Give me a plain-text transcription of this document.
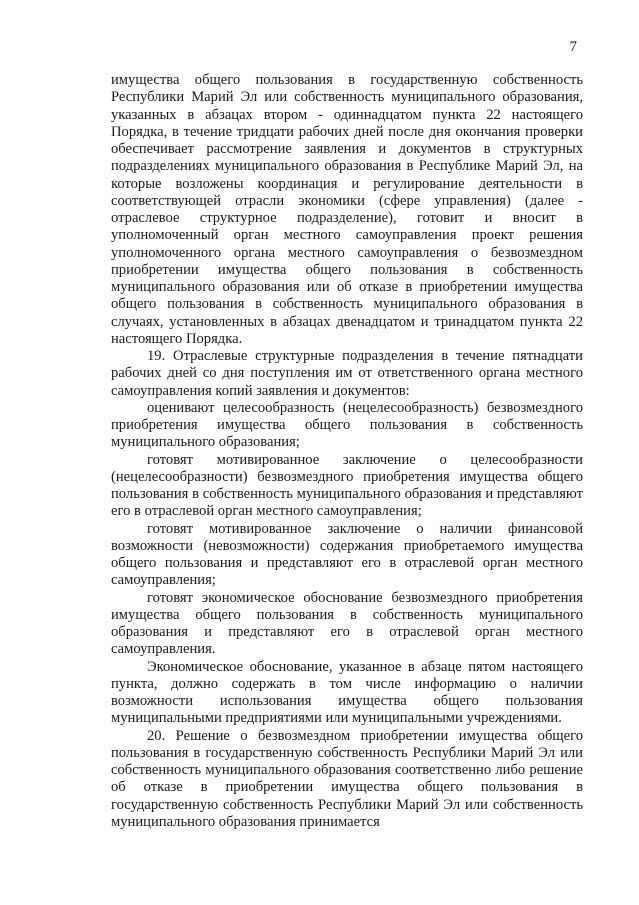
7

имущества общего пользования в государственную собственность Республики Марий Эл или собственность муниципального образования, указанных в абзацах втором - одиннадцатом пункта 22 настоящего Порядка, в течение тридцати рабочих дней после дня окончания проверки обеспечивает рассмотрение заявления и документов в структурных подразделениях муниципального образования в Республике Марий Эл, на которые возложены координация и регулирование деятельности в соответствующей отрасли экономики (сфере управления) (далее - отраслевое структурное подразделение), готовит и вносит в уполномоченный орган местного самоуправления проект решения уполномоченного органа местного самоуправления о безвозмездном приобретении имущества общего пользования в собственность муниципального образования или об отказе в приобретении имущества общего пользования в собственность муниципального образования в случаях, установленных в абзацах двенадцатом и тринадцатом пункта 22 настоящего Порядка.

19. Отраслевые структурные подразделения в течение пятнадцати рабочих дней со дня поступления им от ответственного органа местного самоуправления копий заявления и документов:

оценивают целесообразность (нецелесообразность) безвозмездного приобретения имущества общего пользования в собственность муниципального образования;

готовят мотивированное заключение о целесообразности (нецелесообразности) безвозмездного приобретения имущества общего пользования в собственность муниципального образования и представляют его в отраслевой орган местного самоуправления;

готовят мотивированное заключение о наличии финансовой возможности (невозможности) содержания приобретаемого имущества общего пользования и представляют его в отраслевой орган местного самоуправления;

готовят экономическое обоснование безвозмездного приобретения имущества общего пользования в собственность муниципального образования и представляют его в отраслевой орган местного самоуправления.

Экономическое обоснование, указанное в абзаце пятом настоящего пункта, должно содержать в том числе информацию о наличии возможности использования имущества общего пользования муниципальными предприятиями или муниципальными учреждениями.

20. Решение о безвозмездном приобретении имущества общего пользования в государственную собственность Республики Марий Эл или собственность муниципального образования соответственно либо решение об отказе в приобретении имущества общего пользования в государственную собственность Республики Марий Эл или собственность муниципального образования принимается
